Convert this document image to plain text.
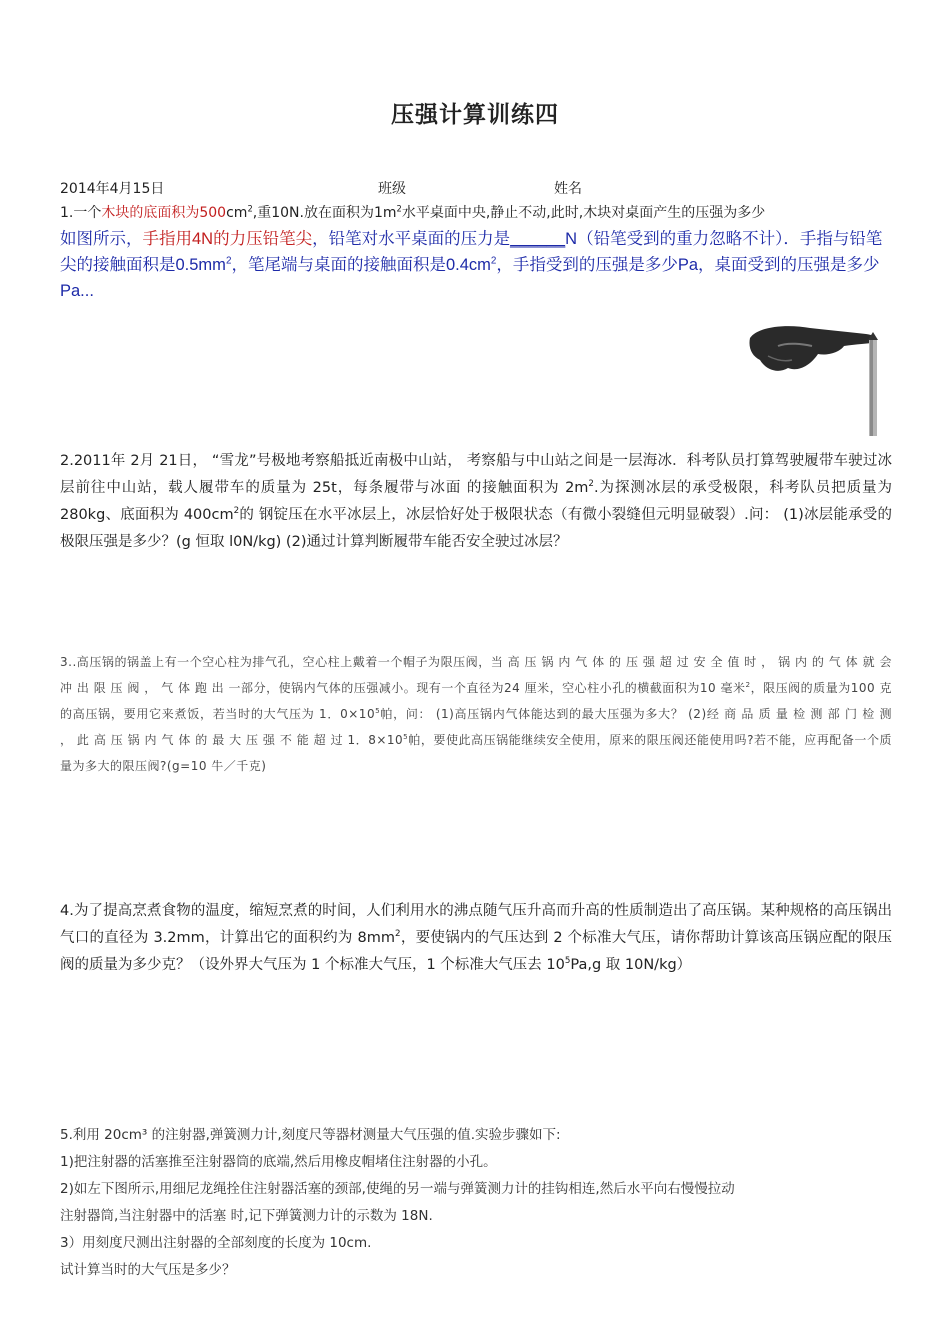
压强计算训练四
2014年4月15日	班级	姓名
1.一个木块的底面积为$500cm^2$,重10N.放在面积为$1m^2$水平桌面中央,静止不动,此时,木块对桌面产生的压强为多少
如图所示，手指用4N的力压铅笔尖，铅笔对水平桌面的压力是______N（铅笔受到的重力忽略不计）．手指与铅笔尖的接触面积是$0.5mm^2$，笔尾端与桌面的接触面积是$0.4cm^2$，手指受到的压强是多少Pa，桌面受到的压强是多少Pa...
2.2011年 2月 21日， “雪龙”号极地考察船抵近南极中山站， 考察船与中山站之间是一层海冰．科考队员打算驾驶履带车驶过冰层前往中山站，载人履带车的质量为 25t，每条履带与冰面 的接触面积为 $2m^2$.为探测冰层的承受极限，科考队员把质量为 280kg、底面积为 $400cm^2$的 钢锭压在水平冰层上，冰层恰好处于极限状态（有微小裂缝但元明显破裂）.问： (1)冰层能承受的极限压强是多少？(g 恒取 l0N/kg) (2)通过计算判断履带车能否安全驶过冰层？
3..高压锅的锅盖上有一个空心柱为排气孔，空心柱上戴着一个帽子为限压阀，当 高 压 锅 内 气 体 的 压 强 超 过 安 全 值 时 ， 锅 内 的 气 体 就 会 冲 出 限 压 阀 ， 气 体 跑 出 一部分，使锅内气体的压强减小。现有一个直径为24 厘米，空心柱小孔的横截面积为10 毫米$^2$，限压阀的质量为100 克的高压锅，要用它来煮饭，若当时的大气压为 1．$0\times 10^5$帕，问： (1)高压锅内气体能达到的最大压强为多大？ (2)经 商 品 质 量 检 测 部 门 检 测 ， 此 高 压 锅 内 气 体 的 最 大 压 强 不 能 超 过 1．$8\times 10^5$帕，要使此高压锅能继续安全使用，原来的限压阀还能使用吗?若不能，应再配备一个质量为多大的限压阀?(g=10 牛／千克)
4.为了提高烹煮食物的温度，缩短烹煮的时间，人们利用水的沸点随气压升高而升高的性质制造出了高压锅。某种规格的高压锅出气口的直径为 3.2mm，计算出它的面积约为 $8mm^2$，要使锅内的气压达到 2 个标准大气压，请你帮助计算该高压锅应配的限压阀的质量为多少克？（设外界大气压为 1 个标准大气压，1 个标准大气压去 $10^5Pa,g$ 取 10N/kg）
5.利用 20cm³ 的注射器,弹簧测力计,刻度尺等器材测量大气压强的值.实验步骤如下:
1)把注射器的活塞推至注射器筒的底端,然后用橡皮帽堵住注射器的小孔。
2)如左下图所示,用细尼龙绳拴住注射器活塞的颈部,使绳的另一端与弹簧测力计的挂钩相连,然后水平向右慢慢拉动
注射器筒,当注射器中的活塞 时,记下弹簧测力计的示数为 18N.
3）用刻度尺测出注射器的全部刻度的长度为 10cm.
试计算当时的大气压是多少？
